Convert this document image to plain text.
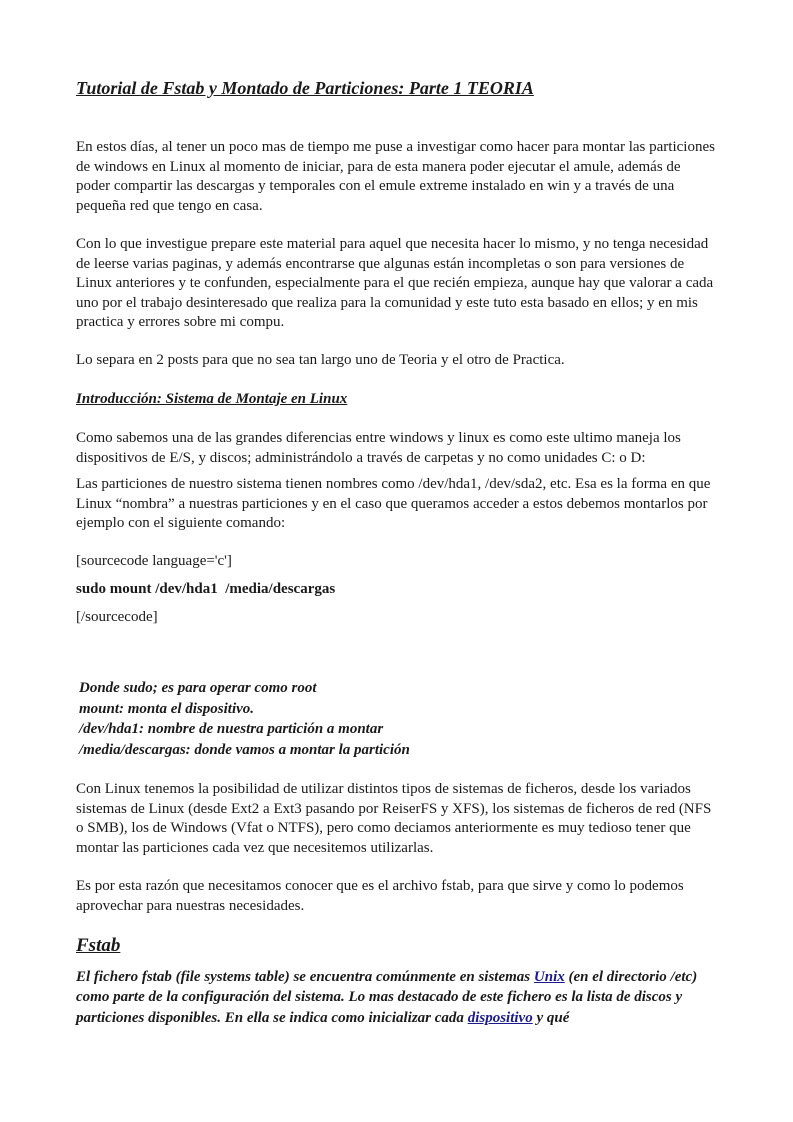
Tutorial de Fstab y Montado de Particiones: Parte 1 TEORIA

En estos días, al tener un poco mas de tiempo me puse a investigar como hacer para montar las particiones de windows en Linux al momento de iniciar, para de esta manera poder ejecutar el amule, además de poder compartir las descargas y temporales con el emule extreme instalado en win y a través de una pequeña red que tengo en casa.

Con lo que investigue prepare este material para aquel que necesita hacer lo mismo, y no tenga necesidad de leerse varias paginas, y además encontrarse que algunas están incompletas o son para versiones de Linux anteriores y te confunden, especialmente para el que recién empieza, aunque hay que valorar a cada uno por el trabajo desinteresado que realiza para la comunidad y este tuto esta basado en ellos; y en mis practica y errores sobre mi compu.

Lo separa en 2 posts para que no sea tan largo uno de Teoria y el otro de Practica.

Introducción: Sistema de Montaje en Linux

Como sabemos una de las grandes diferencias entre windows y linux es como este ultimo maneja los dispositivos de E/S, y discos; administrándolo a través de carpetas y no como unidades C: o D:

Las particiones de nuestro sistema tienen nombres como /dev/hda1, /dev/sda2, etc. Esa es la forma en que Linux “nombra” a nuestras particiones y en el caso que queramos acceder a estos debemos montarlos por ejemplo con el siguiente comando:

[sourcecode language='c']
sudo mount /dev/hda1  /media/descargas
[/sourcecode]
Donde sudo; es para operar como root
mount: monta el dispositivo.
/dev/hda1: nombre de nuestra partición a montar
/media/descargas: donde vamos a montar la partición

Con Linux tenemos la posibilidad de utilizar distintos tipos de sistemas de ficheros, desde los variados sistemas de Linux (desde Ext2 a Ext3 pasando por ReiserFS y XFS), los sistemas de ficheros de red (NFS o SMB), los de Windows (Vfat o NTFS), pero como deciamos anteriormente es muy tedioso tener que montar las particiones cada vez que necesitemos utilizarlas.

Es por esta razón que necesitamos conocer que es el archivo fstab, para que sirve y como lo podemos aprovechar para nuestras necesidades.

Fstab

El fichero fstab (file systems table) se encuentra comúnmente en sistemas Unix (en el directorio /etc) como parte de la configuración del sistema. Lo mas destacado de este fichero es la lista de discos y particiones disponibles. En ella se indica como inicializar cada dispositivo y qué
